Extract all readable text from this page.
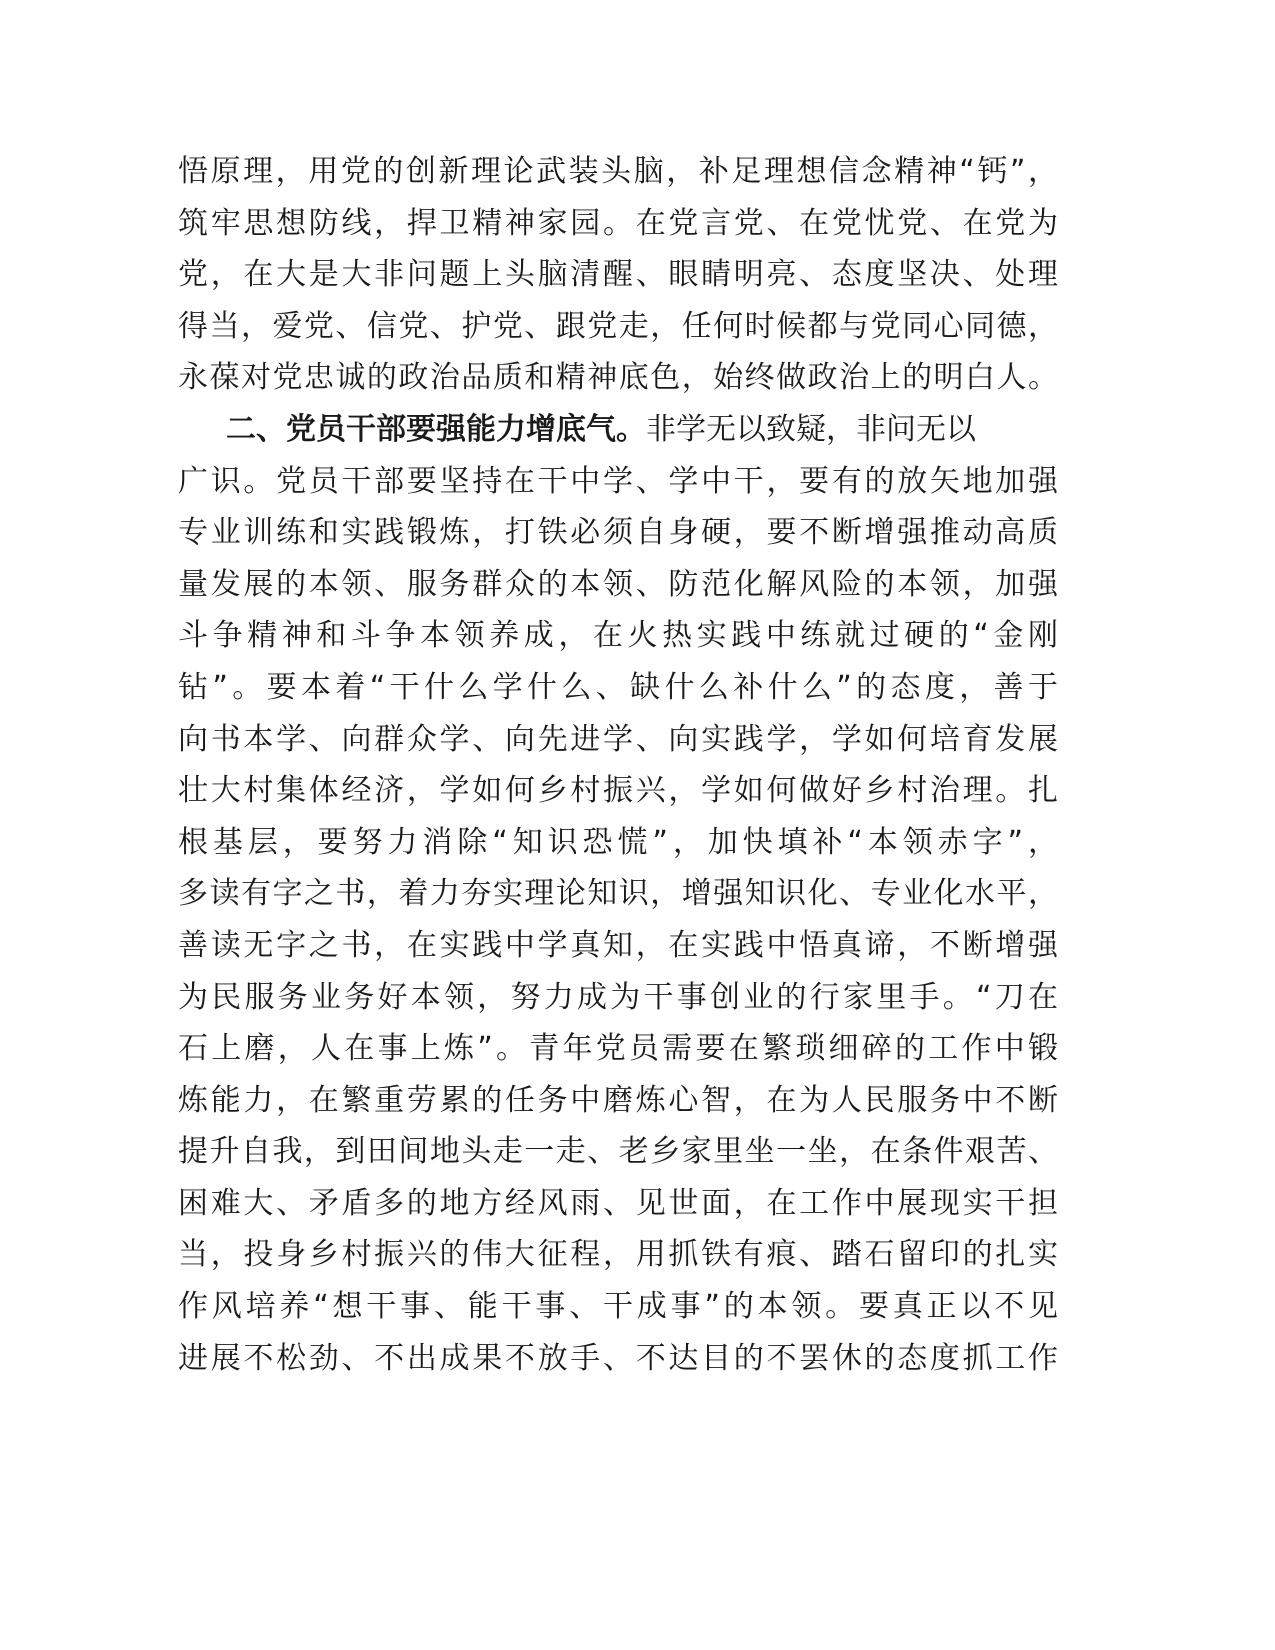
悟原理，用党的创新理论武装头脑，补足理想信念精神“钙”，
筑牢思想防线，捍卫精神家园。在党言党、在党忧党、在党为
党，在大是大非问题上头脑清醒、眼睛明亮、态度坚决、处理
得当，爱党、信党、护党、跟党走，任何时候都与党同心同德，
永葆对党忠诚的政治品质和精神底色，始终做政治上的明白人。
二、党员干部要强能力增底气。非学无以致疑，非问无以
广识。党员干部要坚持在干中学、学中干，要有的放矢地加强
专业训练和实践锻炼，打铁必须自身硬，要不断增强推动高质
量发展的本领、服务群众的本领、防范化解风险的本领，加强
斗争精神和斗争本领养成，在火热实践中练就过硬的“金刚
钻”。要本着“干什么学什么、缺什么补什么”的态度，善于
向书本学、向群众学、向先进学、向实践学，学如何培育发展
壮大村集体经济，学如何乡村振兴，学如何做好乡村治理。扎
根基层，要努力消除“知识恐慌”，加快填补“本领赤字”，
多读有字之书，着力夯实理论知识，增强知识化、专业化水平，
善读无字之书，在实践中学真知，在实践中悟真谛，不断增强
为民服务业务好本领，努力成为干事创业的行家里手。“刀在
石上磨，人在事上炼”。青年党员需要在繁琐细碎的工作中锻
炼能力，在繁重劳累的任务中磨炼心智，在为人民服务中不断
提升自我，到田间地头走一走、老乡家里坐一坐，在条件艰苦、
困难大、矛盾多的地方经风雨、见世面，在工作中展现实干担
当，投身乡村振兴的伟大征程，用抓铁有痕、踏石留印的扎实
作风培养“想干事、能干事、干成事”的本领。要真正以不见
进展不松劲、不出成果不放手、不达目的不罢休的态度抓工作
